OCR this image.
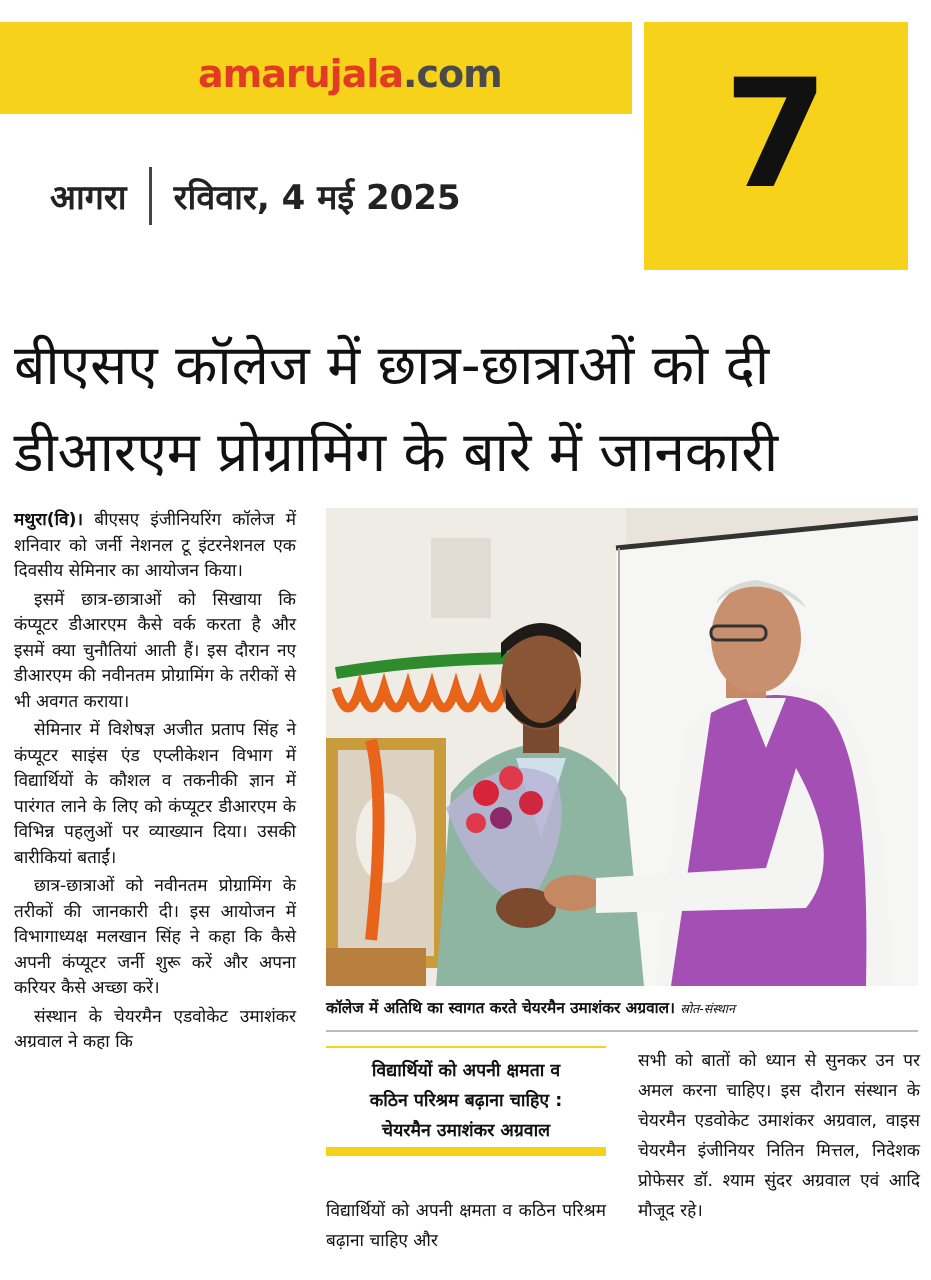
amarujala.com	7
आगरा रविवार, 4 मई 2025
बीएसए कॉलेज में छात्र-छात्राओं को दी
डीआरएम प्रोग्रामिंग के बारे में जानकारी

मथुरा(वि)। बीएसए इंजीनियरिंग कॉलेज में शनिवार को जर्नी नेशनल टू इंटरनेशनल एक दिवसीय सेमिनार का आयोजन किया।

इसमें छात्र-छात्राओं को सिखाया कि कंप्यूटर डीआरएम कैसे वर्क करता है और इसमें क्या चुनौतियां आती हैं। इस दौरान नए डीआरएम की नवीनतम प्रोग्रामिंग के तरीकों से भी अवगत कराया।

सेमिनार में विशेषज्ञ अजीत प्रताप सिंह ने कंप्यूटर साइंस एंड एप्लीकेशन विभाग में विद्यार्थियों के कौशल व तकनीकी ज्ञान में पारंगत लाने के लिए को कंप्यूटर डीआरएम के विभिन्न पहलुओं पर व्याख्यान दिया। उसकी बारीकियां बताईं।

छात्र-छात्राओं को नवीनतम प्रोग्रामिंग के तरीकों की जानकारी दी। इस आयोजन में विभागाध्यक्ष मलखान सिंह ने कहा कि कैसे अपनी कंप्यूटर जर्नी शुरू करें और अपना करियर कैसे अच्छा करें।

संस्थान के चेयरमैन एडवोकेट उमाशंकर अग्रवाल ने कहा कि

कॉलेज में अतिथि का स्वागत करते चेयरमैन उमाशंकर अग्रवाल। स्रोत-संस्थान
विद्यार्थियों को अपनी क्षमता व
कठिन परिश्रम बढ़ाना चाहिए :
चेयरमैन उमाशंकर अग्रवाल

विद्यार्थियों को अपनी क्षमता व कठिन परिश्रम बढ़ाना चाहिए और

सभी को बातों को ध्यान से सुनकर उन पर अमल करना चाहिए। इस दौरान संस्थान के चेयरमैन एडवोकेट उमाशंकर अग्रवाल, वाइस चेयरमैन इंजीनियर नितिन मित्तल, निदेशक प्रोफेसर डॉ. श्याम सुंदर अग्रवाल एवं आदि मौजूद रहे।
